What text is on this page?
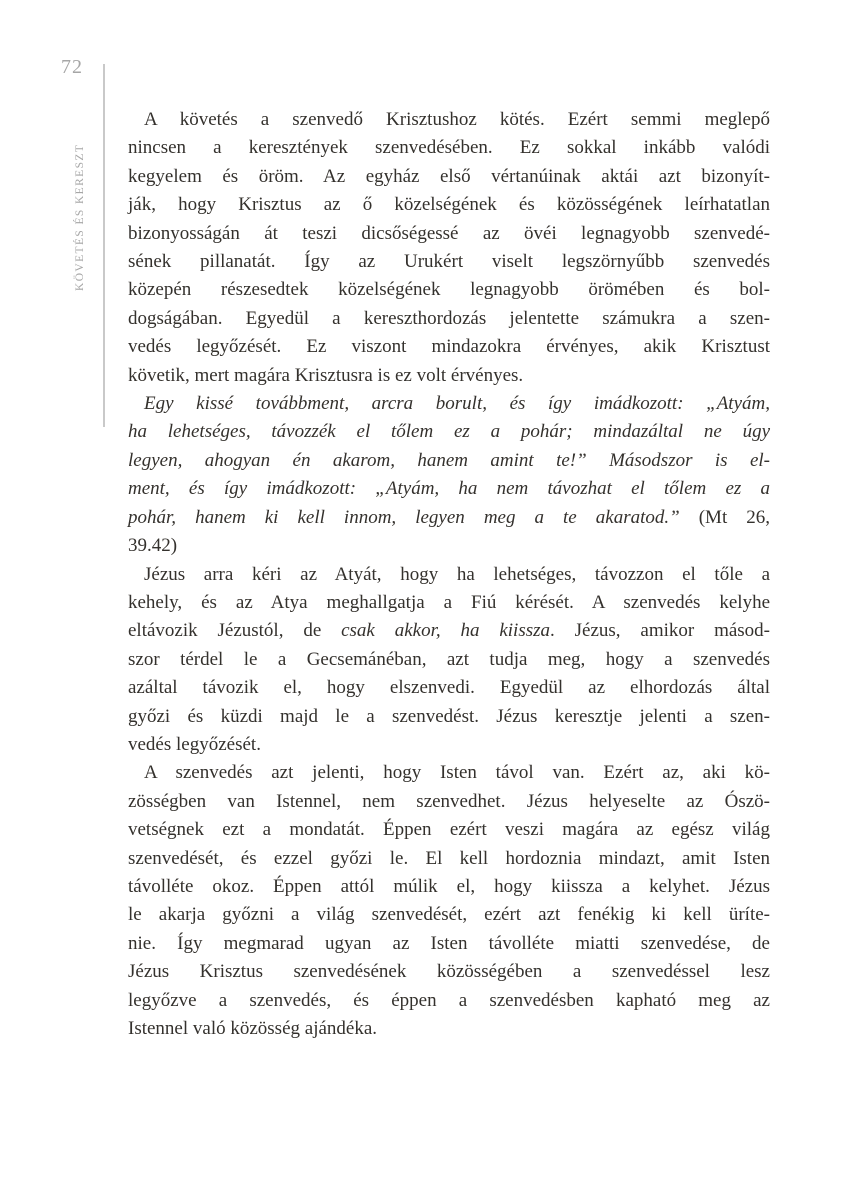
72
KÖVETÉS ÉS KERESZT
A követés a szenvedő Krisztushoz kötés. Ezért semmi meglepő
nincsen a keresztények szenvedésében. Ez sokkal inkább valódi
kegyelem és öröm. Az egyház első vértanúinak aktái azt bizonyít-
ják, hogy Krisztus az ő közelségének és közösségének leírhatatlan
bizonyosságán át teszi dicsőségessé az övéi legnagyobb szenvedé-
sének pillanatát. Így az Urukért viselt legszörnyűbb szenvedés
közepén részesedtek közelségének legnagyobb örömében és bol-
dogságában. Egyedül a kereszthordozás jelentette számukra a szen-
vedés legyőzését. Ez viszont mindazokra érvényes, akik Krisztust
követik, mert magára Krisztusra is ez volt érvényes.
Egy kissé továbbment, arcra borult, és így imádkozott: „Atyám,
ha lehetséges, távozzék el tőlem ez a pohár; mindazáltal ne úgy
legyen, ahogyan én akarom, hanem amint te!” Másodszor is el-
ment, és így imádkozott: „Atyám, ha nem távozhat el tőlem ez a
pohár, hanem ki kell innom, legyen meg a te akaratod.” (Mt 26,
39.42)
Jézus arra kéri az Atyát, hogy ha lehetséges, távozzon el tőle a
kehely, és az Atya meghallgatja a Fiú kérését. A szenvedés kelyhe
eltávozik Jézustól, de csak akkor, ha kiissza. Jézus, amikor másod-
szor térdel le a Gecsemánéban, azt tudja meg, hogy a szenvedés
azáltal távozik el, hogy elszenvedi. Egyedül az elhordozás által
győzi és küzdi majd le a szenvedést. Jézus keresztje jelenti a szen-
vedés legyőzését.
A szenvedés azt jelenti, hogy Isten távol van. Ezért az, aki kö-
zösségben van Istennel, nem szenvedhet. Jézus helyeselte az Ószö-
vetségnek ezt a mondatát. Éppen ezért veszi magára az egész világ
szenvedését, és ezzel győzi le. El kell hordoznia mindazt, amit Isten
távolléte okoz. Éppen attól múlik el, hogy kiissza a kelyhet. Jézus
le akarja győzni a világ szenvedését, ezért azt fenékig ki kell üríte-
nie. Így megmarad ugyan az Isten távolléte miatti szenvedése, de
Jézus Krisztus szenvedésének közösségében a szenvedéssel lesz
legyőzve a szenvedés, és éppen a szenvedésben kapható meg az
Istennel való közösség ajándéka.
